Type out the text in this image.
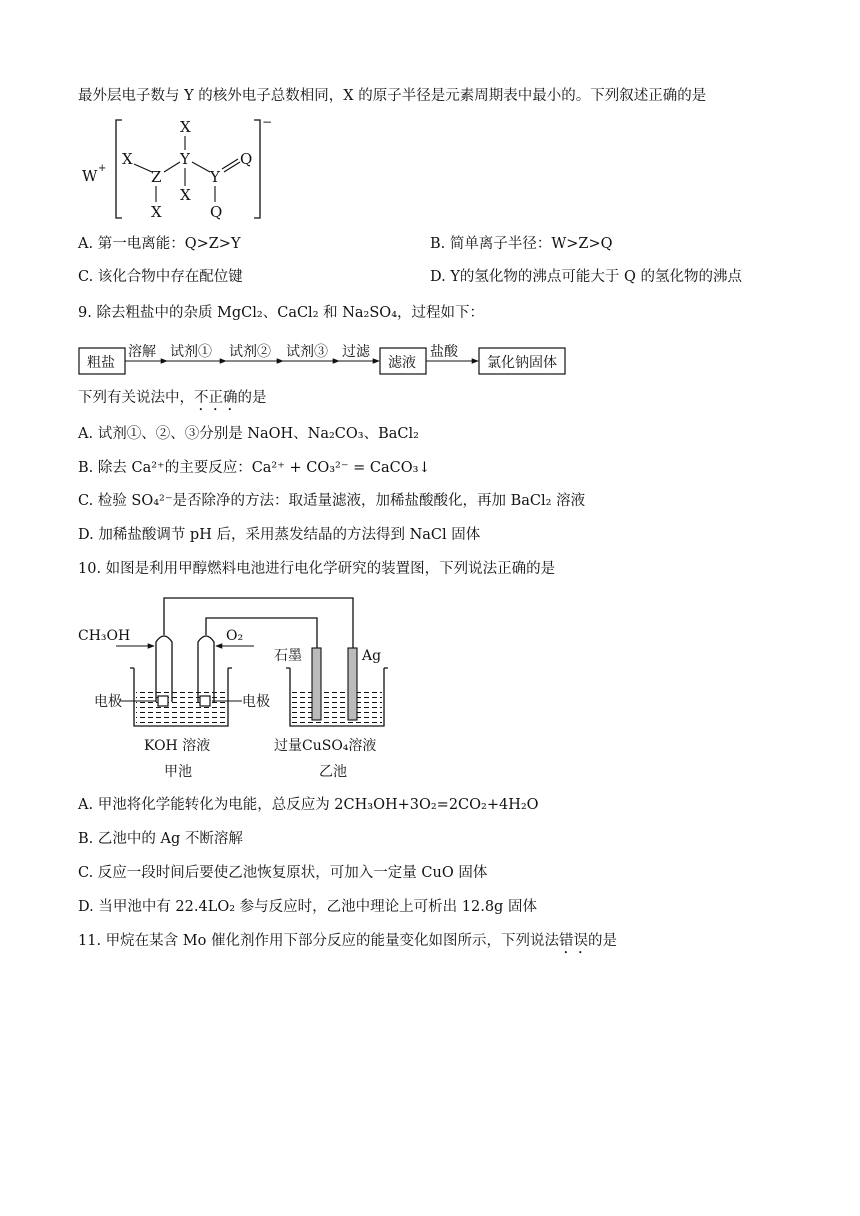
最外层电子数与 Y 的核外电子总数相同，X 的原子半径是元素周期表中最小的。下列叙述正确的是
W +
−
X
Y
X
Z
X
X
Y
Q
Q
A. 第一电离能：Q>Z>Y	B. 简单离子半径：W>Z>Q
C. 该化合物中存在配位键	D. Y的氢化物的沸点可能大于 Q 的氢化物的沸点
9. 除去粗盐中的杂质 MgCl₂、CaCl₂ 和 Na₂SO₄，过程如下：
粗盐
溶解 试剂① 试剂② 试剂③ 过滤
滤液
盐酸
氯化钠固体
下列有关说法中，不正确的是
A. 试剂①、②、③分别是 NaOH、Na₂CO₃、BaCl₂
B. 除去 Ca²⁺的主要反应：Ca²⁺ + CO₃²⁻ = CaCO₃↓
C. 检验 SO₄²⁻是否除净的方法：取适量滤液，加稀盐酸酸化，再加 BaCl₂ 溶液
D. 加稀盐酸调节 pH 后，采用蒸发结晶的方法得到 NaCl 固体
10. 如图是利用甲醇燃料电池进行电化学研究的装置图，下列说法正确的是
CH₃OH	O₂
电极	电极
KOH 溶液
甲池
石墨	Ag
过量CuSO₄溶液
乙池
A. 甲池将化学能转化为电能，总反应为 2CH₃OH+3O₂=2CO₂+4H₂O
B. 乙池中的 Ag 不断溶解
C. 反应一段时间后要使乙池恢复原状，可加入一定量 CuO 固体
D. 当甲池中有 22.4LO₂ 参与反应时，乙池中理论上可析出 12.8g 固体
11. 甲烷在某含 Mo 催化剂作用下部分反应的能量变化如图所示，下列说法错误的是
